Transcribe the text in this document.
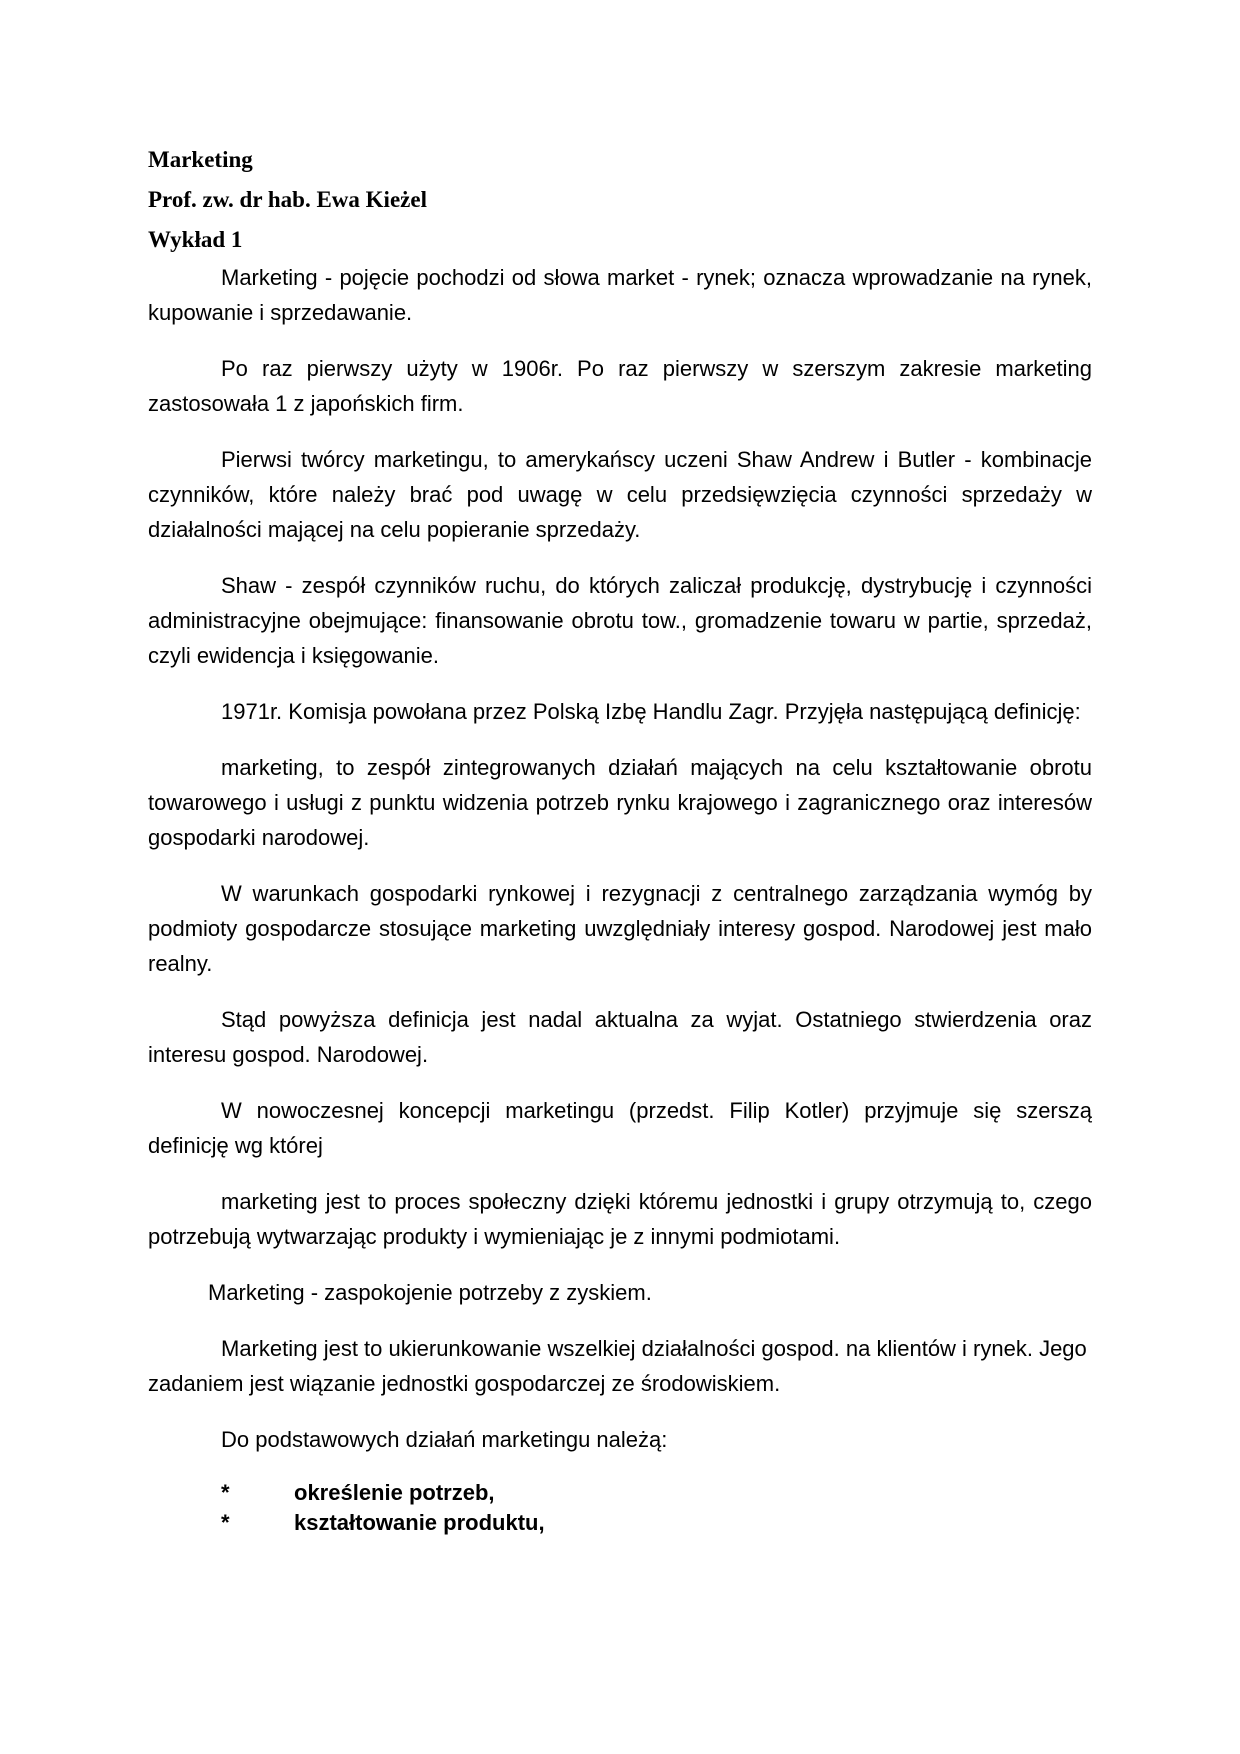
Marketing
Prof. zw. dr hab. Ewa Kieżel
Wykład 1

Marketing - pojęcie pochodzi od słowa market - rynek; oznacza wprowadzanie na rynek, kupowanie i sprzedawanie.

Po raz pierwszy użyty w 1906r. Po raz pierwszy w szerszym zakresie marketing zastosowała 1 z japońskich firm.

Pierwsi twórcy marketingu, to amerykańscy uczeni Shaw Andrew i Butler - kombinacje czynników, które należy brać pod uwagę w celu przedsięwzięcia czynności sprzedaży w działalności mającej na celu popieranie sprzedaży.

Shaw - zespół czynników ruchu, do których zaliczał produkcję, dystrybucję i czynności administracyjne obejmujące: finansowanie obrotu tow., gromadzenie towaru w partie, sprzedaż, czyli ewidencja i księgowanie.

1971r. Komisja powołana przez Polską Izbę Handlu Zagr. Przyjęła następującą definicję:

marketing, to zespół zintegrowanych działań mających na celu kształtowanie obrotu towarowego i usługi z punktu widzenia potrzeb rynku krajowego i zagranicznego oraz interesów gospodarki narodowej.

W warunkach gospodarki rynkowej i rezygnacji z centralnego zarządzania wymóg by podmioty gospodarcze stosujące marketing uwzględniały interesy gospod. Narodowej jest mało realny.

Stąd powyższa definicja jest nadal aktualna za wyjat. Ostatniego stwierdzenia oraz interesu gospod. Narodowej.

W nowoczesnej koncepcji marketingu (przedst. Filip Kotler) przyjmuje się szerszą definicję wg której

marketing jest to proces społeczny dzięki któremu jednostki i grupy otrzymują to, czego potrzebują wytwarzając produkty i wymieniając je z innymi podmiotami.

Marketing - zaspokojenie potrzeby z zyskiem.

Marketing jest to ukierunkowanie wszelkiej działalności gospod. na klientów i rynek. Jego zadaniem jest wiązanie jednostki gospodarczej ze środowiskiem.

Do podstawowych działań marketingu należą:

*	określenie potrzeb,
*	kształtowanie produktu,
